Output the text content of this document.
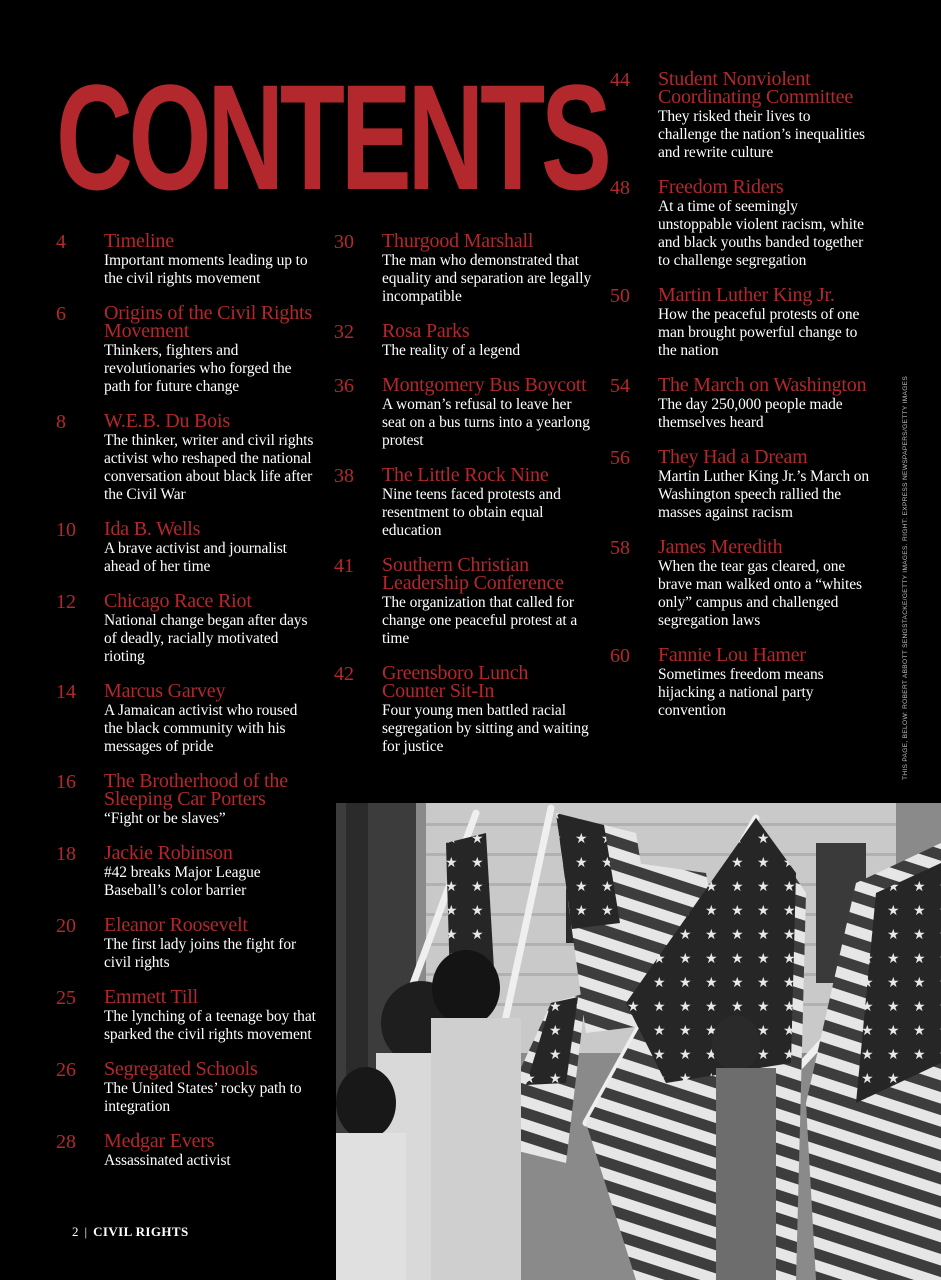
CONTENTS
4	Timeline
Important moments leading up to the civil rights movement
6	Origins of the Civil Rights Movement
Thinkers, fighters and revolutionaries who forged the path for future change
8	W.E.B. Du Bois
The thinker, writer and civil rights activist who reshaped the national conversation about black life after the Civil War
10	Ida B. Wells
A brave activist and journalist ahead of her time
12	Chicago Race Riot
National change began after days of deadly, racially motivated rioting
14	Marcus Garvey
A Jamaican activist who roused the black community with his messages of pride
16	The Brotherhood of the Sleeping Car Porters
“Fight or be slaves”
18	Jackie Robinson
#42 breaks Major League Baseball’s color barrier
20	Eleanor Roosevelt
The first lady joins the fight for civil rights
25	Emmett Till
The lynching of a teenage boy that sparked the civil rights movement
26	Segregated Schools
The United States’ rocky path to integration
28	Medgar Evers
Assassinated activist
30	Thurgood Marshall
The man who demonstrated that equality and separation are legally incompatible
32	Rosa Parks
The reality of a legend
36	Montgomery Bus Boycott
A woman’s refusal to leave her seat on a bus turns into a yearlong protest
38	The Little Rock Nine
Nine teens faced protests and resentment to obtain equal education
41	Southern Christian Leadership Conference
The organization that called for change one peaceful protest at a time
42	Greensboro Lunch Counter Sit-In
Four young men battled racial segregation by sitting and waiting for justice
44	Student Nonviolent Coordinating Committee
They risked their lives to challenge the nation’s inequalities and rewrite culture
48	Freedom Riders
At a time of seemingly unstoppable violent racism, white and black youths banded together to challenge segregation
50	Martin Luther King Jr.
How the peaceful protests of one man brought powerful change to the nation
54	The March on Washington
The day 250,000 people made themselves heard
56	They Had a Dream
Martin Luther King Jr.’s March on Washington speech rallied the masses against racism
58	James Meredith
When the tear gas cleared, one brave man walked onto a “whites only” campus and challenged segregation laws
60	Fannie Lou Hamer
Sometimes freedom means hijacking a national party convention
2 | CIVIL RIGHTS
THIS PAGE, BELOW: ROBERT ABBOTT SENGSTACKE/GETTY IMAGES. RIGHT: EXPRESS NEWSPAPERS/GETTY IMAGES
